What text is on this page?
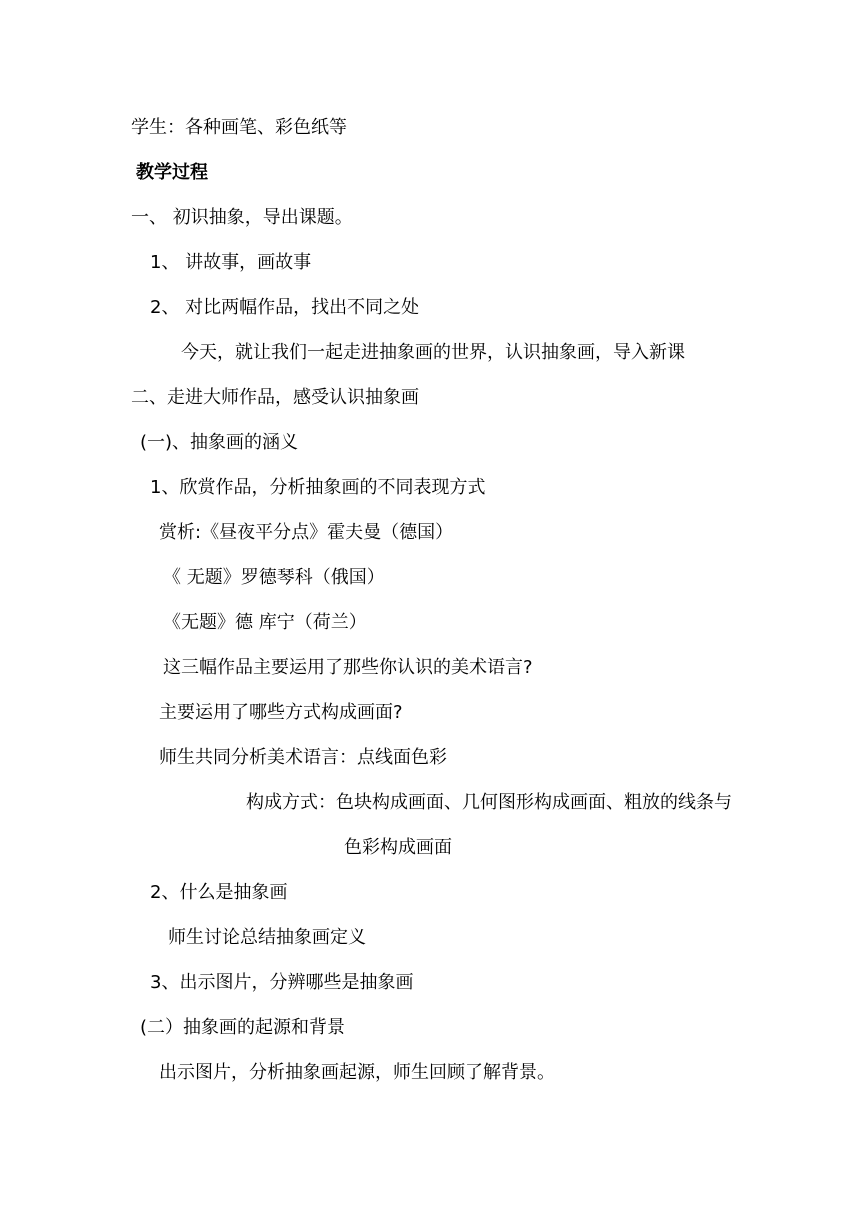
学生：各种画笔、彩色纸等
教学过程
一、 初识抽象，导出课题。
1、 讲故事，画故事
2、 对比两幅作品，找出不同之处
今天，就让我们一起走进抽象画的世界，认识抽象画，导入新课
二、走进大师作品，感受认识抽象画
(一)、抽象画的涵义
1、欣赏作品，分析抽象画的不同表现方式
赏析:《昼夜平分点》霍夫曼（德国）
《 无题》罗德琴科（俄国）
《无题》德 库宁（荷兰）
这三幅作品主要运用了那些你认识的美术语言?
主要运用了哪些方式构成画面?
师生共同分析美术语言：点线面色彩
构成方式：色块构成画面、几何图形构成画面、粗放的线条与
色彩构成画面
2、什么是抽象画
师生讨论总结抽象画定义
3、出示图片，分辨哪些是抽象画
(二）抽象画的起源和背景
出示图片，分析抽象画起源，师生回顾了解背景。
